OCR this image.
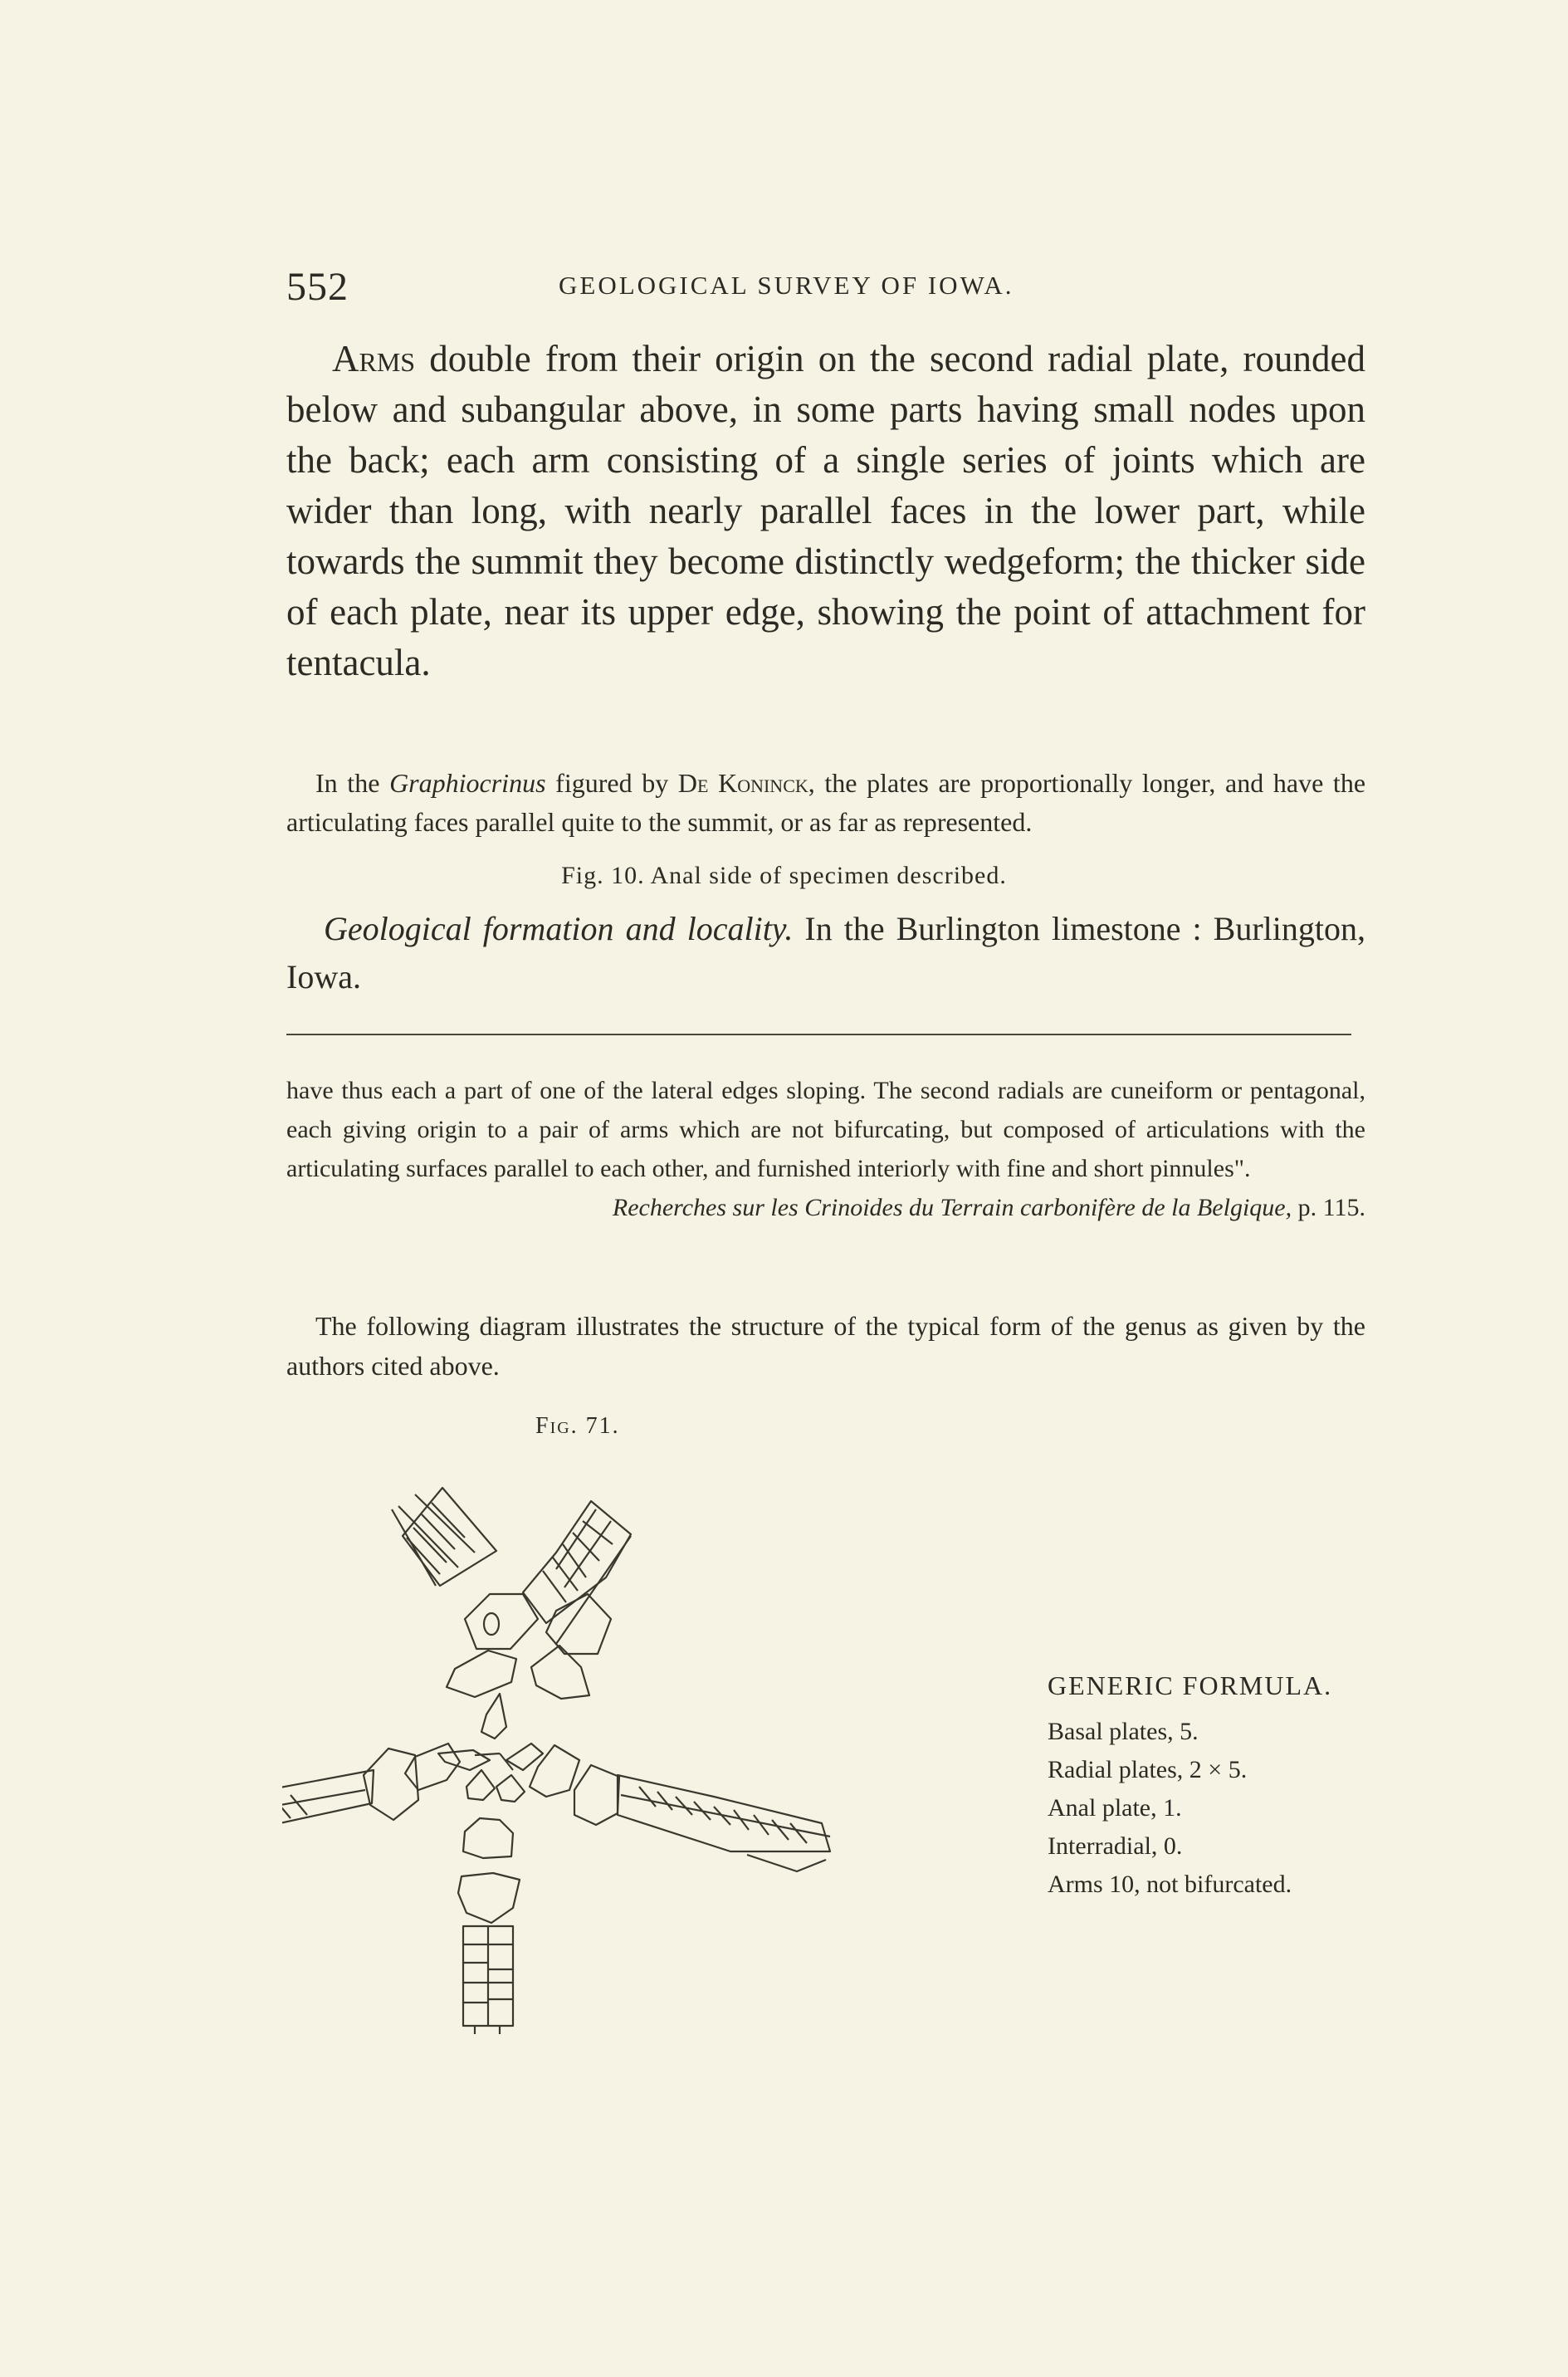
552	GEOLOGICAL SURVEY OF IOWA.
Arms double from their origin on the second radial plate, rounded below and subangular above, in some parts having small nodes upon the back; each arm consisting of a single series of joints which are wider than long, with nearly parallel faces in the lower part, while towards the summit they become distinctly wedgeform; the thicker side of each plate, near its upper edge, showing the point of attachment for tentacula.
In the Graphiocrinus figured by De Koninck, the plates are proportionally longer, and have the articulating faces parallel quite to the summit, or as far as represented.
Fig. 10. Anal side of specimen described.
Geological formation and locality. In the Burlington limestone : Burlington, Iowa.
have thus each a part of one of the lateral edges sloping. The second radials are cuneiform or pentagonal, each giving origin to a pair of arms which are not bifurcating, but composed of articulations with the articulating surfaces parallel to each other, and furnished interiorly with fine and short pinnules".
Recherches sur les Crinoides du Terrain carbonifère de la Belgique, p. 115.
The following diagram illustrates the structure of the typical form of the genus as given by the authors cited above.
Fig. 71.
GENERIC FORMULA.
Basal plates, 5.
Radial plates, 2 × 5.
Anal plate, 1.
Interradial, 0.
Arms 10, not bifurcated.
